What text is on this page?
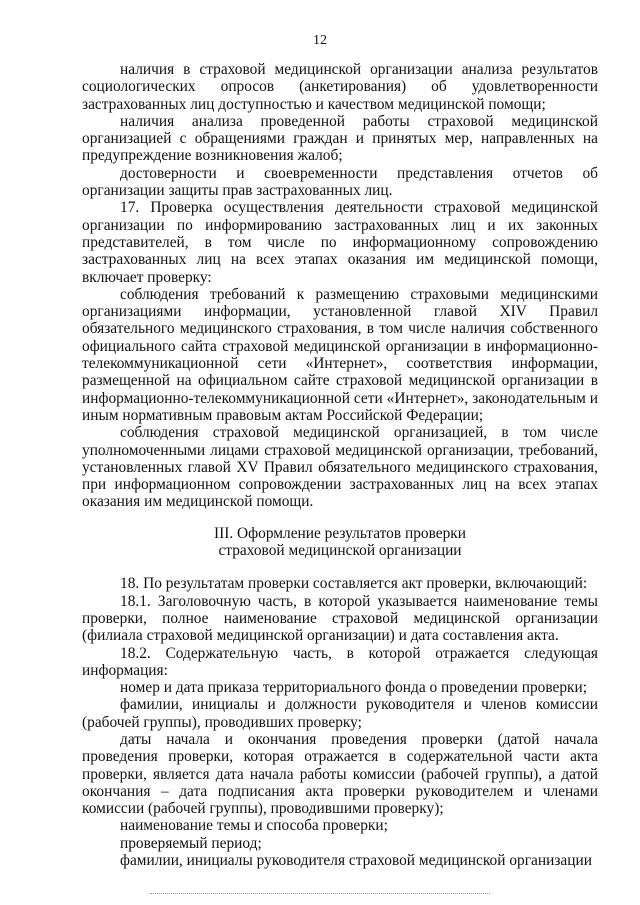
12

наличия в страховой медицинской организации анализа результатов социологических опросов (анкетирования) об удовлетворенности застрахованных лиц доступностью и качеством медицинской помощи;

наличия анализа проведенной работы страховой медицинской организацией с обращениями граждан и принятых мер, направленных на предупреждение возникновения жалоб;

достоверности и своевременности представления отчетов об организации защиты прав застрахованных лиц.

17. Проверка осуществления деятельности страховой медицинской организации по информированию застрахованных лиц и их законных представителей, в том числе по информационному сопровождению застрахованных лиц на всех этапах оказания им медицинской помощи, включает проверку:

соблюдения требований к размещению страховыми медицинскими организациями информации, установленной главой XIV Правил обязательного медицинского страхования, в том числе наличия собственного официального сайта страховой медицинской организации в информационно-телекоммуникационной сети «Интернет», соответствия информации, размещенной на официальном сайте страховой медицинской организации в информационно-телекоммуникационной сети «Интернет», законодательным и иным нормативным правовым актам Российской Федерации;

соблюдения страховой медицинской организацией, в том числе уполномоченными лицами страховой медицинской организации, требований, установленных главой XV Правил обязательного медицинского страхования, при информационном сопровождении застрахованных лиц на всех этапах оказания им медицинской помощи.

III. Оформление результатов проверки
страховой медицинской организации

18. По результатам проверки составляется акт проверки, включающий:

18.1. Заголовочную часть, в которой указывается наименование темы проверки, полное наименование страховой медицинской организации (филиала страховой медицинской организации) и дата составления акта.

18.2. Содержательную часть, в которой отражается следующая информация:

номер и дата приказа территориального фонда о проведении проверки;

фамилии, инициалы и должности руководителя и членов комиссии (рабочей группы), проводивших проверку;

даты начала и окончания проведения проверки (датой начала проведения проверки, которая отражается в содержательной части акта проверки, является дата начала работы комиссии (рабочей группы), а датой окончания – дата подписания акта проверки руководителем и членами комиссии (рабочей группы), проводившими проверку);

наименование темы и способа проверки;

проверяемый период;

фамилии, инициалы руководителя страховой медицинской организации
